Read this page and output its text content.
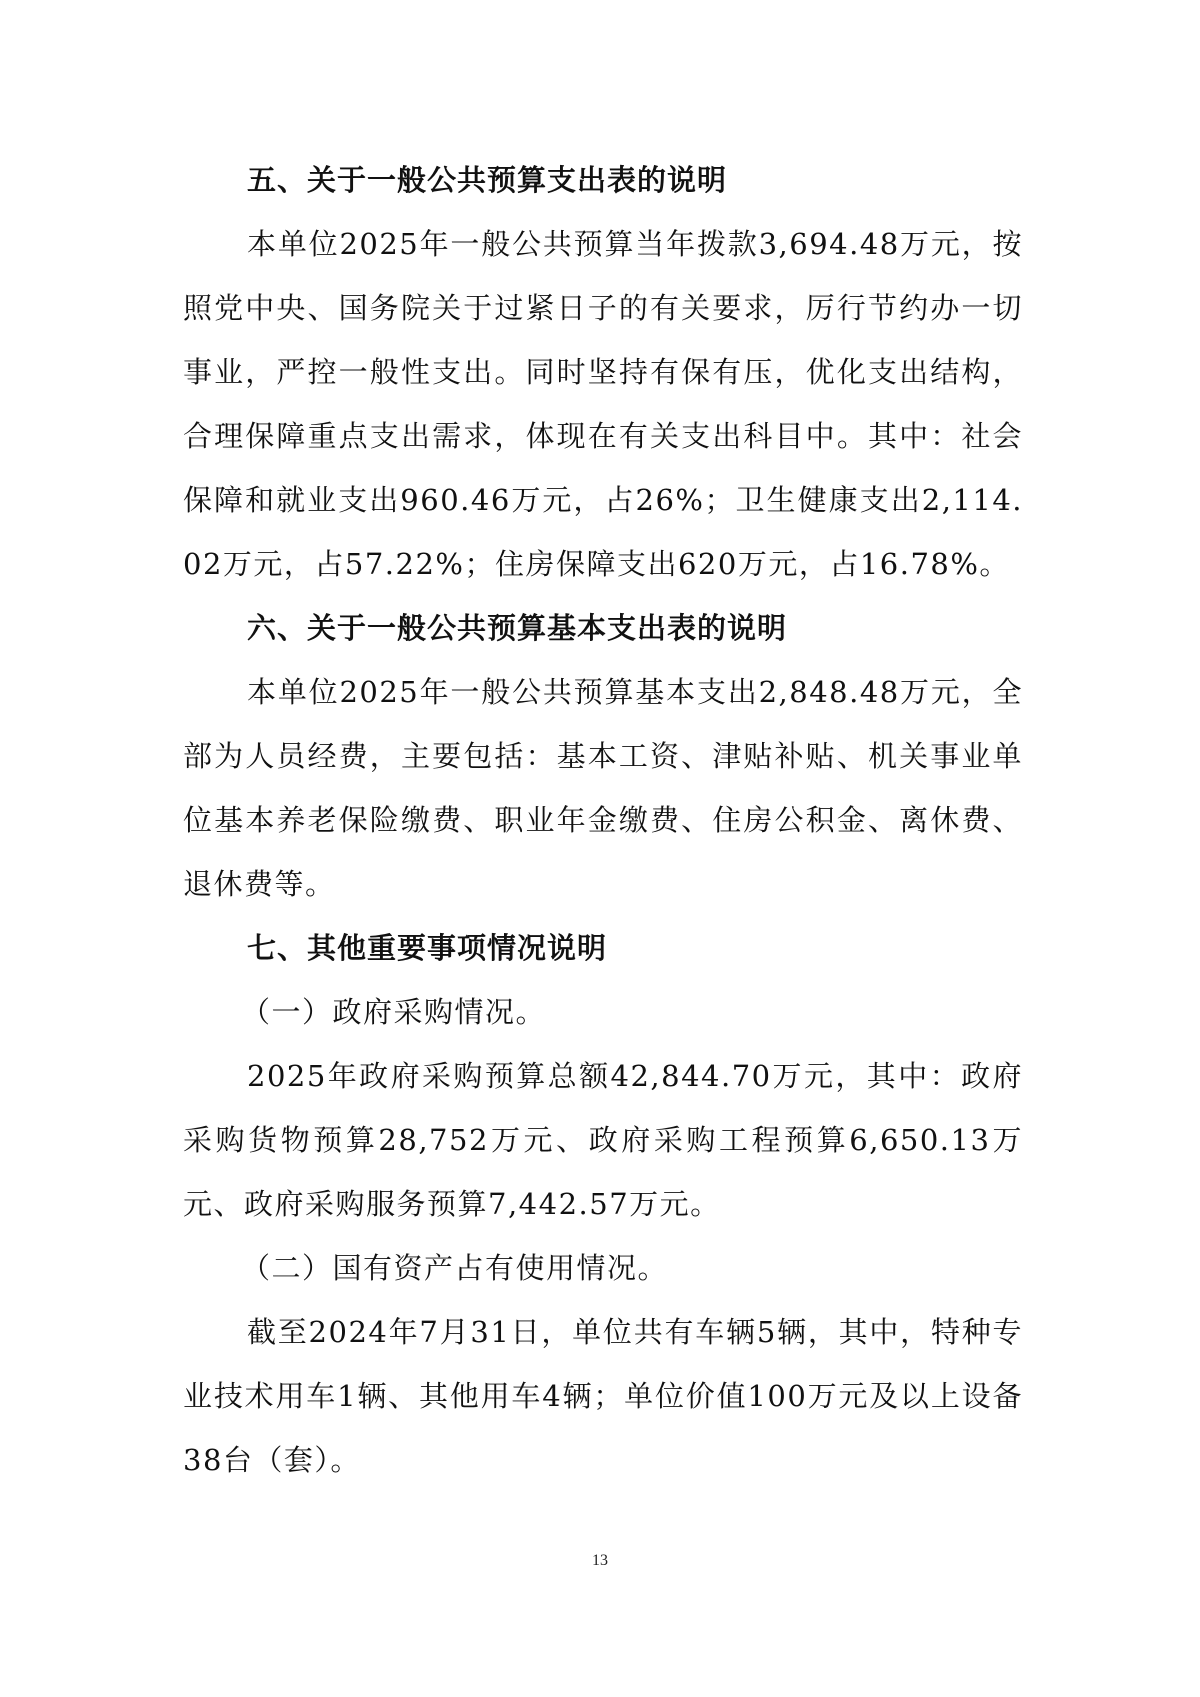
五、关于一般公共预算支出表的说明
本单位2025年一般公共预算当年拨款3,694.48万元，按照党中央、国务院关于过紧日子的有关要求，厉行节约办一切事业，严控一般性支出。同时坚持有保有压，优化支出结构，合理保障重点支出需求，体现在有关支出科目中。其中：社会保障和就业支出960.46万元，占26%；卫生健康支出2,114.02万元，占57.22%；住房保障支出620万元，占16.78%。
六、关于一般公共预算基本支出表的说明
本单位2025年一般公共预算基本支出2,848.48万元，全部为人员经费，主要包括：基本工资、津贴补贴、机关事业单位基本养老保险缴费、职业年金缴费、住房公积金、离休费、退休费等。
七、其他重要事项情况说明
（一）政府采购情况。
2025年政府采购预算总额42,844.70万元，其中：政府采购货物预算28,752万元、政府采购工程预算6,650.13万元、政府采购服务预算7,442.57万元。
（二）国有资产占有使用情况。
截至2024年7月31日，单位共有车辆5辆，其中，特种专业技术用车1辆、其他用车4辆；单位价值100万元及以上设备38台（套）。
13
